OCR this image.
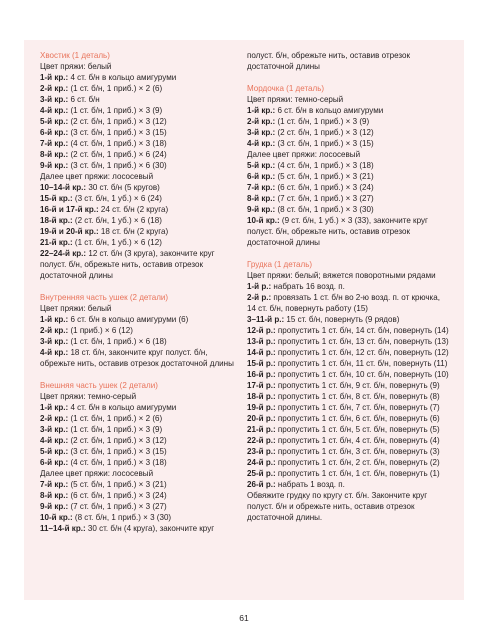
Хвостик (1 деталь)
Цвет пряжи: белый
1-й кр.: 4 ст. б/н в кольцо амигуруми
2-й кр.: (1 ст. б/н, 1 приб.) × 2 (6)
3-й кр.: 6 ст. б/н
4-й кр.: (1 ст. б/н, 1 приб.) × 3 (9)
5-й кр.: (2 ст. б/н, 1 приб.) × 3 (12)
6-й кр.: (3 ст. б/н, 1 приб.) × 3 (15)
7-й кр.: (4 ст. б/н, 1 приб.) × 3 (18)
8-й кр.: (2 ст. б/н, 1 приб.) × 6 (24)
9-й кр.: (3 ст. б/н, 1 приб.) × 6 (30)
Далее цвет пряжи: лососевый
10–14-й кр.: 30 ст. б/н (5 кругов)
15-й кр.: (3 ст. б/н, 1 уб.) × 6 (24)
16-й и 17-й кр.: 24 ст. б/н (2 круга)
18-й кр.: (2 ст. б/н, 1 уб.) × 6 (18)
19-й и 20-й кр.: 18 ст. б/н (2 круга)
21-й кр.: (1 ст. б/н, 1 уб.) × 6 (12)
22–24-й кр.: 12 ст. б/н (3 круга), закончите круг
полуст. б/н, обрежьте нить, оставив отрезок
достаточной длины
Внутренняя часть ушек (2 детали)
Цвет пряжи: белый
1-й кр.: 6 ст. б/н в кольцо амигуруми (6)
2-й кр.: (1 приб.) × 6 (12)
3-й кр.: (1 ст. б/н, 1 приб.) × 6 (18)
4-й кр.: 18 ст. б/н, закончите круг полуст. б/н,
обрежьте нить, оставив отрезок достаточной длины
Внешняя часть ушек (2 детали)
Цвет пряжи: темно-серый
1-й кр.: 4 ст. б/н в кольцо амигуруми
2-й кр.: (1 ст. б/н, 1 приб.) × 2 (6)
3-й кр.: (1 ст. б/н, 1 приб.) × 3 (9)
4-й кр.: (2 ст. б/н, 1 приб.) × 3 (12)
5-й кр.: (3 ст. б/н, 1 приб.) × 3 (15)
6-й кр.: (4 ст. б/н, 1 приб.) × 3 (18)
Далее цвет пряжи: лососевый
7-й кр.: (5 ст. б/н, 1 приб.) × 3 (21)
8-й кр.: (6 ст. б/н, 1 приб.) × 3 (24)
9-й кр.: (7 ст. б/н, 1 приб.) × 3 (27)
10-й кр.: (8 ст. б/н, 1 приб.) × 3 (30)
11–14-й кр.: 30 ст. б/н (4 круга), закончите круг
полуст. б/н, обрежьте нить, оставив отрезок
достаточной длины
Мордочка (1 деталь)
Цвет пряжи: темно-серый
1-й кр.: 6 ст. б/н в кольцо амигуруми
2-й кр.: (1 ст. б/н, 1 приб.) × 3 (9)
3-й кр.: (2 ст. б/н, 1 приб.) × 3 (12)
4-й кр.: (3 ст. б/н, 1 приб.) × 3 (15)
Далее цвет пряжи: лососевый
5-й кр.: (4 ст. б/н, 1 приб.) × 3 (18)
6-й кр.: (5 ст. б/н, 1 приб.) × 3 (21)
7-й кр.: (6 ст. б/н, 1 приб.) × 3 (24)
8-й кр.: (7 ст. б/н, 1 приб.) × 3 (27)
9-й кр.: (8 ст. б/н, 1 приб.) × 3 (30)
10-й кр.: (9 ст. б/н, 1 уб.) × 3 (33), закончите круг
полуст. б/н, обрежьте нить, оставив отрезок
достаточной длины
Грудка (1 деталь)
Цвет пряжи: белый; вяжется поворотными рядами
1-й р.: набрать 16 возд. п.
2-й р.: провязать 1 ст. б/н во 2-ю возд. п. от крючка,
14 ст. б/н, повернуть работу (15)
3–11-й р.: 15 ст. б/н, повернуть (9 рядов)
12-й р.: пропустить 1 ст. б/н, 14 ст. б/н, повернуть (14)
13-й р.: пропустить 1 ст. б/н, 13 ст. б/н, повернуть (13)
14-й р.: пропустить 1 ст. б/н, 12 ст. б/н, повернуть (12)
15-й р.: пропустить 1 ст. б/н, 11 ст. б/н, повернуть (11)
16-й р.: пропустить 1 ст. б/н, 10 ст. б/н, повернуть (10)
17-й р.: пропустить 1 ст. б/н, 9 ст. б/н, повернуть (9)
18-й р.: пропустить 1 ст. б/н, 8 ст. б/н, повернуть (8)
19-й р.: пропустить 1 ст. б/н, 7 ст. б/н, повернуть (7)
20-й р.: пропустить 1 ст. б/н, 6 ст. б/н, повернуть (6)
21-й р.: пропустить 1 ст. б/н, 5 ст. б/н, повернуть (5)
22-й р.: пропустить 1 ст. б/н, 4 ст. б/н, повернуть (4)
23-й р.: пропустить 1 ст. б/н, 3 ст. б/н, повернуть (3)
24-й р.: пропустить 1 ст. б/н, 2 ст. б/н, повернуть (2)
25-й р.: пропустить 1 ст. б/н, 1 ст. б/н, повернуть (1)
26-й р.: набрать 1 возд. п.
Обвяжите грудку по кругу ст. б/н. Закончите круг
полуст. б/н и обрежьте нить, оставив отрезок
достаточной длины.
61
